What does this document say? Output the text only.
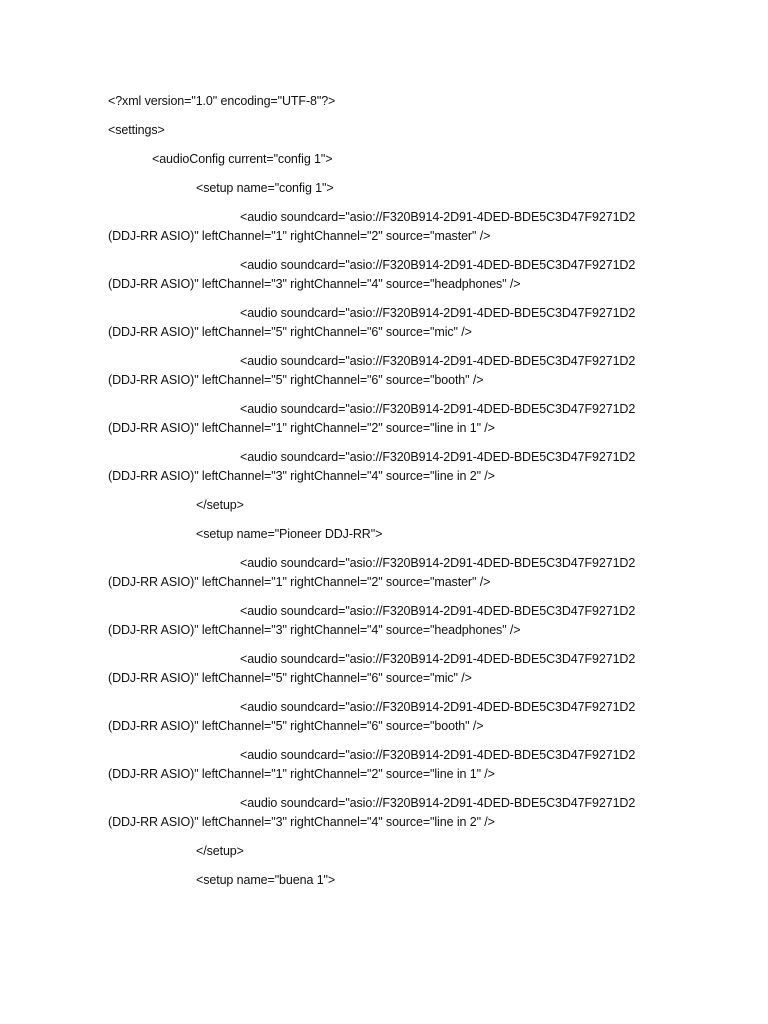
<?xml version="1.0" encoding="UTF-8"?>

<settings>

<audioConfig current="config 1">

<setup name="config 1">

<audio soundcard="asio://F320B914-2D91-4DED-BDE5C3D47F9271D2

(DDJ-RR ASIO)" leftChannel="1" rightChannel="2" source="master" />

<audio soundcard="asio://F320B914-2D91-4DED-BDE5C3D47F9271D2

(DDJ-RR ASIO)" leftChannel="3" rightChannel="4" source="headphones" />

<audio soundcard="asio://F320B914-2D91-4DED-BDE5C3D47F9271D2

(DDJ-RR ASIO)" leftChannel="5" rightChannel="6" source="mic" />

<audio soundcard="asio://F320B914-2D91-4DED-BDE5C3D47F9271D2

(DDJ-RR ASIO)" leftChannel="5" rightChannel="6" source="booth" />

<audio soundcard="asio://F320B914-2D91-4DED-BDE5C3D47F9271D2

(DDJ-RR ASIO)" leftChannel="1" rightChannel="2" source="line in 1" />

<audio soundcard="asio://F320B914-2D91-4DED-BDE5C3D47F9271D2

(DDJ-RR ASIO)" leftChannel="3" rightChannel="4" source="line in 2" />

</setup>

<setup name="Pioneer DDJ-RR">

<audio soundcard="asio://F320B914-2D91-4DED-BDE5C3D47F9271D2

(DDJ-RR ASIO)" leftChannel="1" rightChannel="2" source="master" />

<audio soundcard="asio://F320B914-2D91-4DED-BDE5C3D47F9271D2

(DDJ-RR ASIO)" leftChannel="3" rightChannel="4" source="headphones" />

<audio soundcard="asio://F320B914-2D91-4DED-BDE5C3D47F9271D2

(DDJ-RR ASIO)" leftChannel="5" rightChannel="6" source="mic" />

<audio soundcard="asio://F320B914-2D91-4DED-BDE5C3D47F9271D2

(DDJ-RR ASIO)" leftChannel="5" rightChannel="6" source="booth" />

<audio soundcard="asio://F320B914-2D91-4DED-BDE5C3D47F9271D2

(DDJ-RR ASIO)" leftChannel="1" rightChannel="2" source="line in 1" />

<audio soundcard="asio://F320B914-2D91-4DED-BDE5C3D47F9271D2

(DDJ-RR ASIO)" leftChannel="3" rightChannel="4" source="line in 2" />

</setup>

<setup name="buena 1">
